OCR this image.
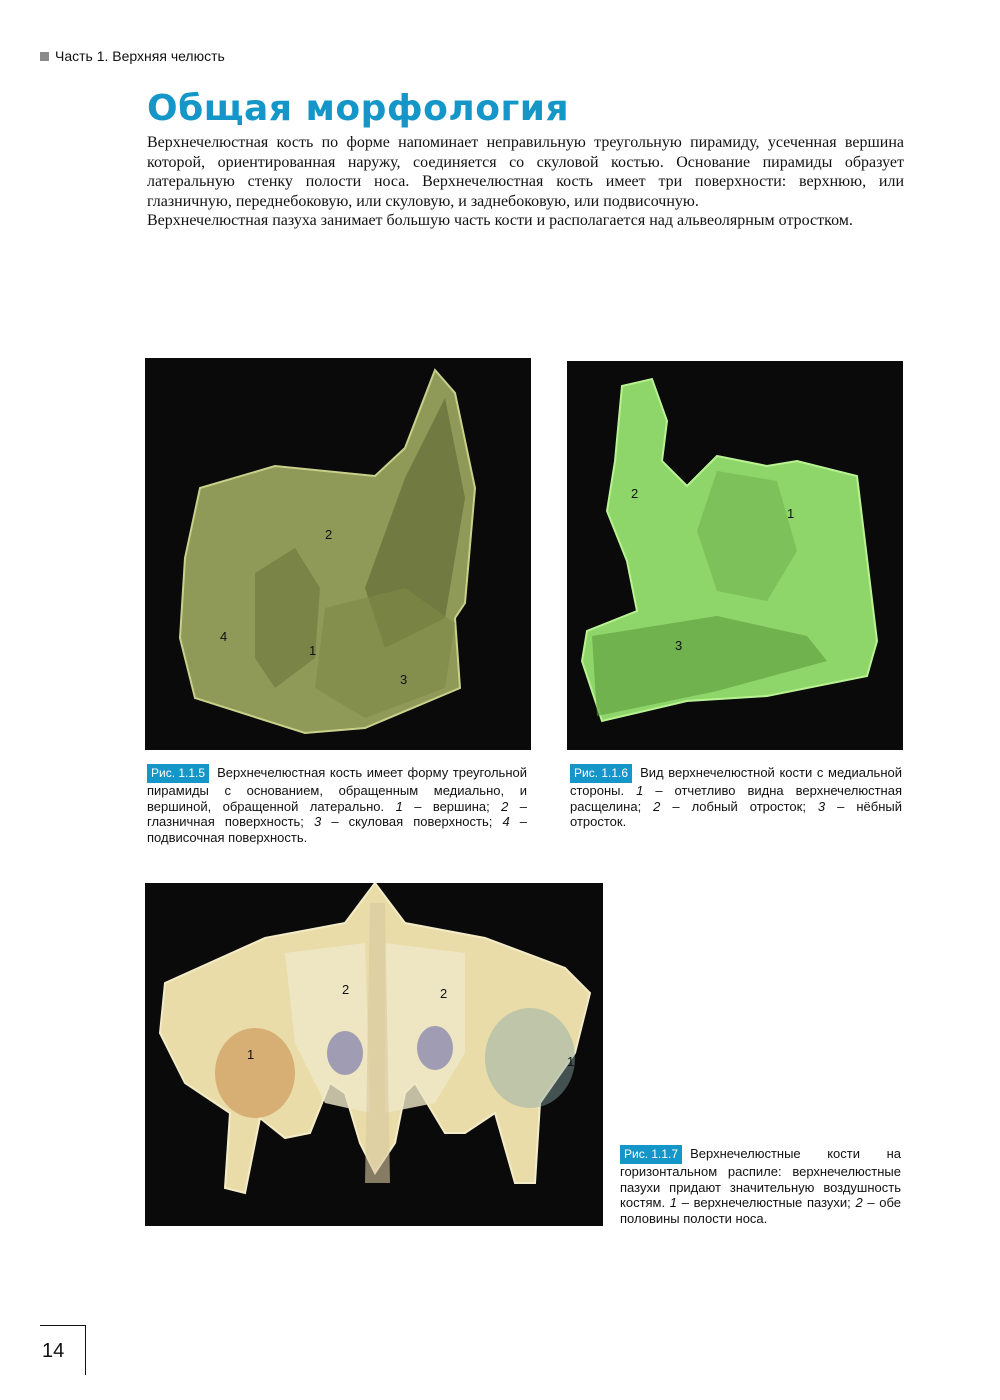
Часть 1. Верхняя челюсть
Общая морфология

Верхнечелюстная кость по форме напоминает неправильную треугольную пирамиду, усеченная вершина которой, ориентированная наружу, соединяется со скуловой костью. Основание пирамиды образует латеральную стенку полости носа. Верхнечелюстная кость имеет три поверхности: верхнюю, или глазничную, переднебоковую, или скуловую, и заднебоковую, или подвисочную.

Верхнечелюстная пазуха занимает большую часть кости и располагается над альвеолярным отростком.

2
4
1
3
Рис. 1.1.5 Верхнечелюстная кость имеет форму треугольной пирамиды с основанием, обращенным медиально, и вершиной, обращенной латерально. 1 – вершина; 2 – глазничная поверхность; 3 – скуловая поверхность; 4 – подвисочная поверхность.
2
1
3
Рис. 1.1.6 Вид верхнечелюстной кости с медиальной стороны. 1 – отчетливо видна верхнечелюстная расщелина; 2 – лобный отросток; 3 – нёбный отросток.
2	2
1	1
Рис. 1.1.7 Верхнечелюстные кости на горизонтальном распиле: верхнечелюстные пазухи придают значительную воздушность костям. 1 – верхнечелюстные пазухи; 2 – обе половины полости носа.
14
